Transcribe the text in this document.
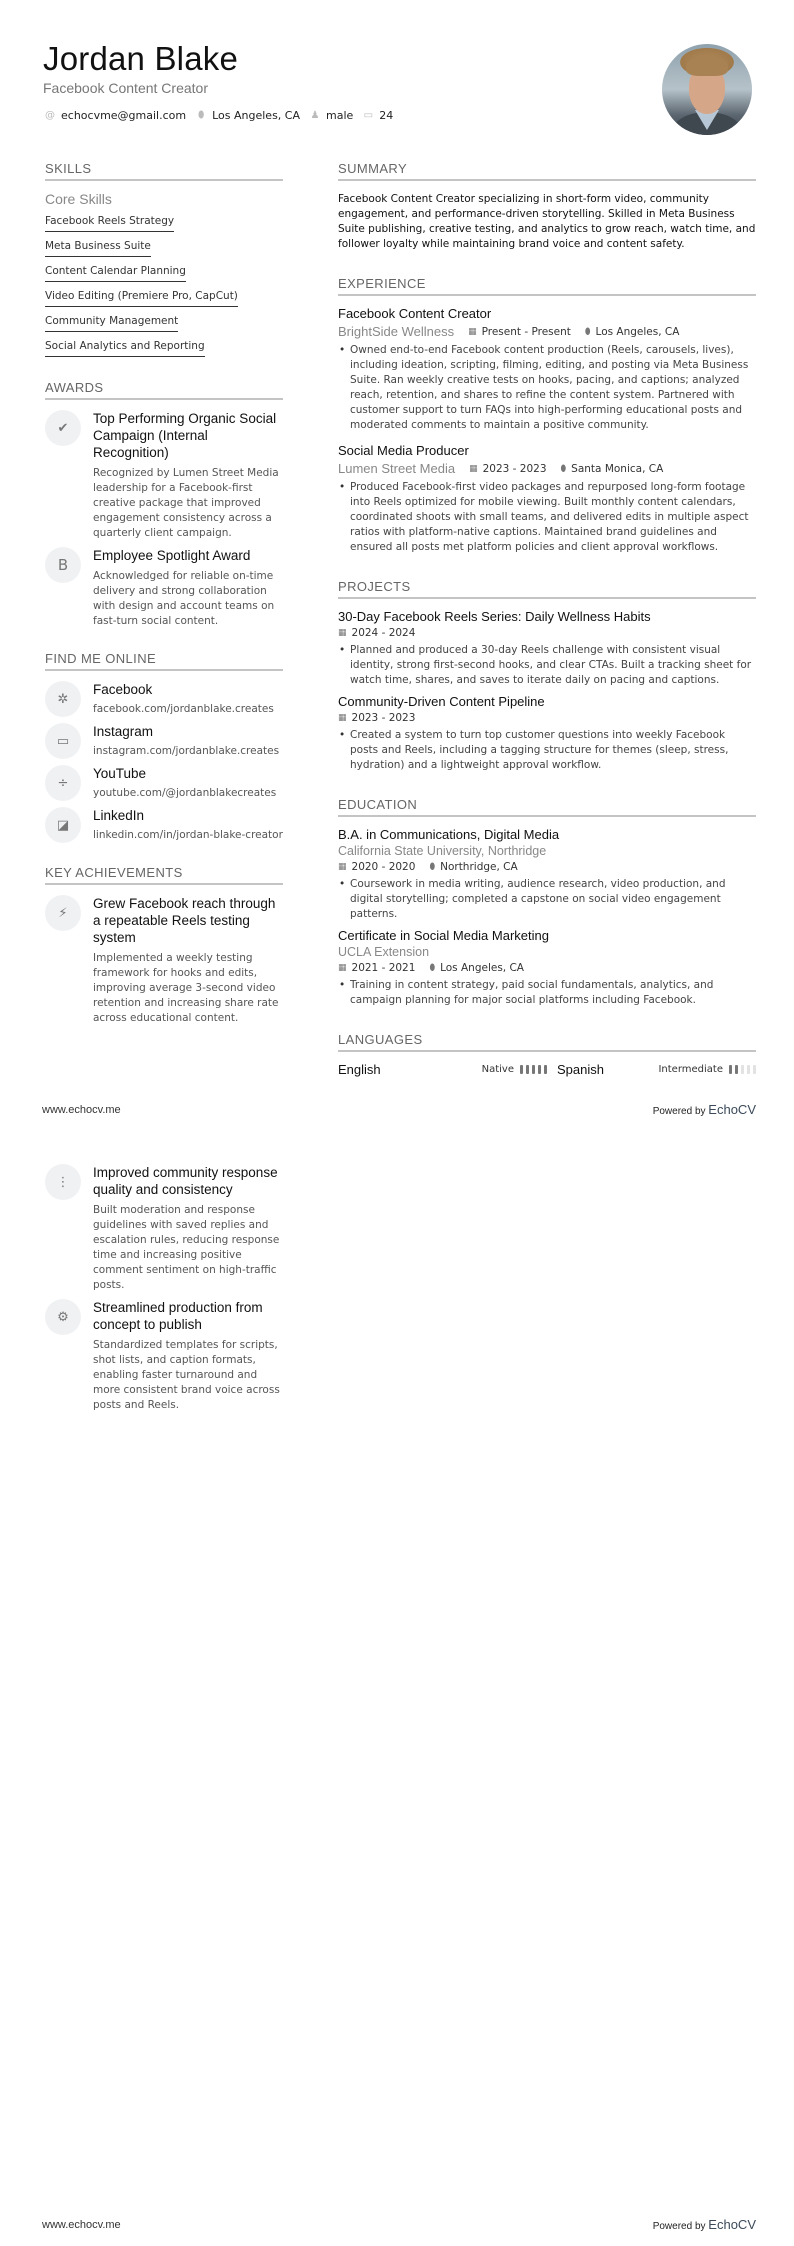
Jordan Blake
Facebook Content Creator
@ echocvme@gmail.com ⬮ Los Angeles, CA ♟ male ▭ 24
SKILLS
Core Skills
Facebook Reels Strategy
Meta Business Suite
Content Calendar Planning
Video Editing (Premiere Pro, CapCut)
Community Management
Social Analytics and Reporting
AWARDS
✔
Top Performing Organic Social Campaign (Internal Recognition)
Recognized by Lumen Street Media leadership for a Facebook-first creative package that improved engagement consistency across a quarterly client campaign.
B
Employee Spotlight Award
Acknowledged for reliable on-time delivery and strong collaboration with design and account teams on fast-turn social content.
FIND ME ONLINE
✲
Facebook
facebook.com/jordanblake.creates
▭
Instagram
instagram.com/jordanblake.creates
÷
YouTube
youtube.com/@jordanblakecreates
◪
LinkedIn
linkedin.com/in/jordan-blake-creator
KEY ACHIEVEMENTS
⚡
Grew Facebook reach through a repeatable Reels testing system
Implemented a weekly testing framework for hooks and edits, improving average 3-second video retention and increasing share rate across educational content.
SUMMARY
Facebook Content Creator specializing in short-form video, community engagement, and performance-driven storytelling. Skilled in Meta Business Suite publishing, creative testing, and analytics to grow reach, watch time, and follower loyalty while maintaining brand voice and content safety.
EXPERIENCE
Facebook Content Creator
BrightSide Wellness ▦ Present - Present ⬮ Los Angeles, CA
• Owned end-to-end Facebook content production (Reels, carousels, lives), including ideation, scripting, filming, editing, and posting via Meta Business Suite. Ran weekly creative tests on hooks, pacing, and captions; analyzed reach, retention, and shares to refine the content system. Partnered with customer support to turn FAQs into high-performing educational posts and moderated comments to maintain a positive community.
Social Media Producer
Lumen Street Media ▦ 2023 - 2023 ⬮ Santa Monica, CA
• Produced Facebook-first video packages and repurposed long-form footage into Reels optimized for mobile viewing. Built monthly content calendars, coordinated shoots with small teams, and delivered edits in multiple aspect ratios with platform-native captions. Maintained brand guidelines and ensured all posts met platform policies and client approval workflows.
PROJECTS
30-Day Facebook Reels Series: Daily Wellness Habits
▦ 2024 - 2024
• Planned and produced a 30-day Reels challenge with consistent visual identity, strong first-second hooks, and clear CTAs. Built a tracking sheet for watch time, shares, and saves to iterate daily on pacing and captions.
Community-Driven Content Pipeline
▦ 2023 - 2023
• Created a system to turn top customer questions into weekly Facebook posts and Reels, including a tagging structure for themes (sleep, stress, hydration) and a lightweight approval workflow.
EDUCATION
B.A. in Communications, Digital Media
California State University, Northridge
▦ 2020 - 2020 ⬮ Northridge, CA
• Coursework in media writing, audience research, video production, and digital storytelling; completed a capstone on social video engagement patterns.
Certificate in Social Media Marketing
UCLA Extension
▦ 2021 - 2021 ⬮ Los Angeles, CA
• Training in content strategy, paid social fundamentals, analytics, and campaign planning for major social platforms including Facebook.
LANGUAGES
English	Native	Spanish	Intermediate
www.echocv.me	Powered by EchoCV
⋮
Improved community response quality and consistency
Built moderation and response guidelines with saved replies and escalation rules, reducing response time and increasing positive comment sentiment on high-traffic posts.
⚙
Streamlined production from concept to publish
Standardized templates for scripts, shot lists, and caption formats, enabling faster turnaround and more consistent brand voice across posts and Reels.
www.echocv.me	Powered by EchoCV
